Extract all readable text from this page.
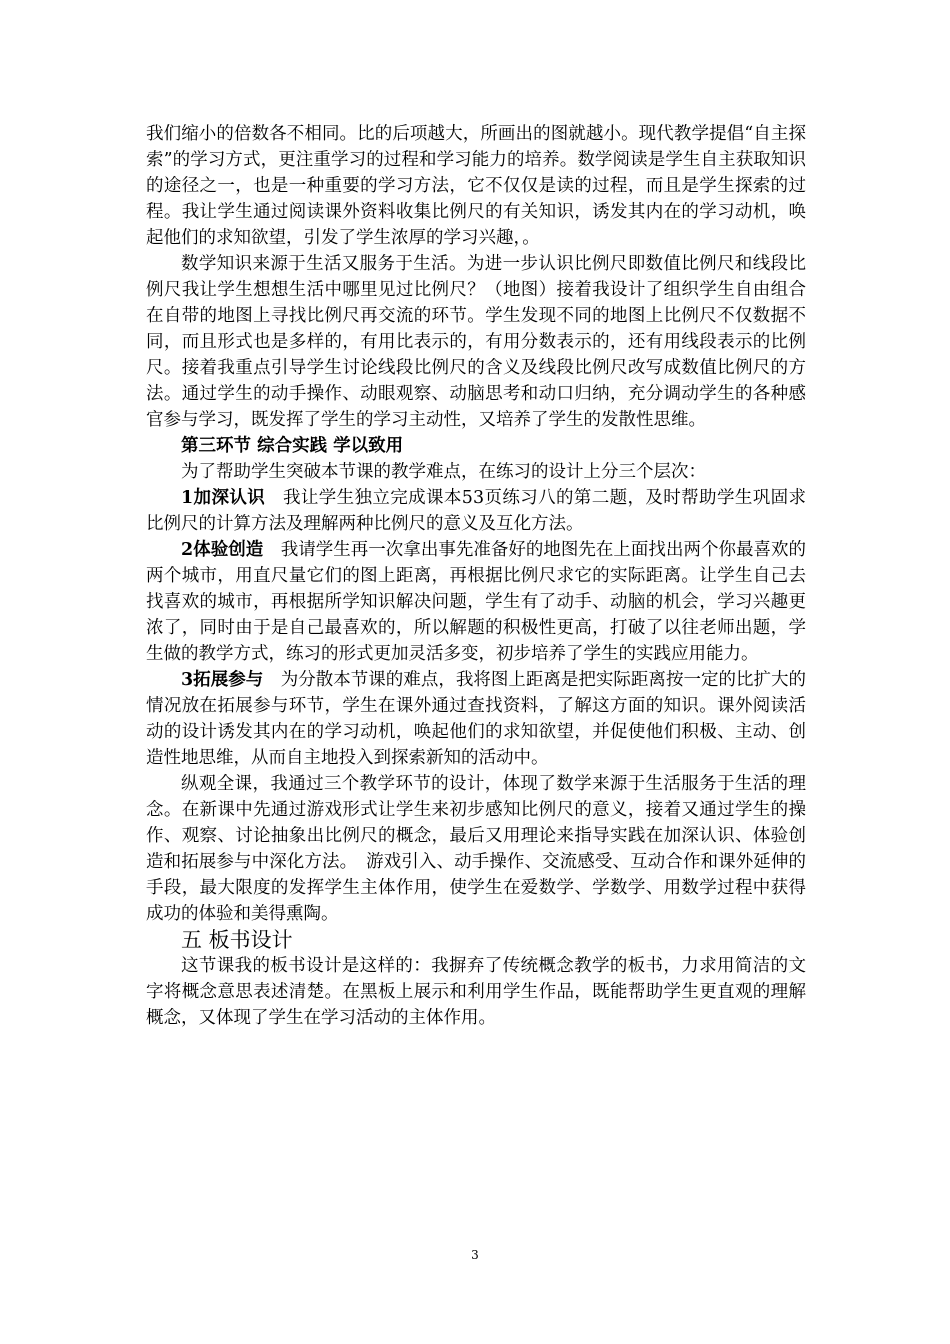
我们缩小的倍数各不相同。比的后项越大，所画出的图就越小。现代教学提倡“自主探索”的学习方式，更注重学习的过程和学习能力的培养。数学阅读是学生自主获取知识的途径之一，也是一种重要的学习方法，它不仅仅是读的过程，而且是学生探索的过程。我让学生通过阅读课外资料收集比例尺的有关知识，诱发其内在的学习动机，唤起他们的求知欲望，引发了学生浓厚的学习兴趣，。

数学知识来源于生活又服务于生活。为进一步认识比例尺即数值比例尺和线段比例尺我让学生想想生活中哪里见过比例尺？（地图）接着我设计了组织学生自由组合在自带的地图上寻找比例尺再交流的环节。学生发现不同的地图上比例尺不仅数据不同，而且形式也是多样的，有用比表示的，有用分数表示的，还有用线段表示的比例尺。接着我重点引导学生讨论线段比例尺的含义及线段比例尺改写成数值比例尺的方法。通过学生的动手操作、动眼观察、动脑思考和动口归纳，充分调动学生的各种感官参与学习，既发挥了学生的学习主动性，又培养了学生的发散性思维。

第三环节 综合实践 学以致用

为了帮助学生突破本节课的教学难点，在练习的设计上分三个层次：

1加深认识　我让学生独立完成课本53页练习八的第二题，及时帮助学生巩固求比例尺的计算方法及理解两种比例尺的意义及互化方法。

2体验创造　我请学生再一次拿出事先准备好的地图先在上面找出两个你最喜欢的两个城市，用直尺量它们的图上距离，再根据比例尺求它的实际距离。让学生自己去找喜欢的城市，再根据所学知识解决问题，学生有了动手、动脑的机会，学习兴趣更浓了，同时由于是自己最喜欢的，所以解题的积极性更高，打破了以往老师出题，学生做的教学方式，练习的形式更加灵活多变，初步培养了学生的实践应用能力。

3拓展参与　为分散本节课的难点，我将图上距离是把实际距离按一定的比扩大的情况放在拓展参与环节，学生在课外通过查找资料，了解这方面的知识。课外阅读活动的设计诱发其内在的学习动机，唤起他们的求知欲望，并促使他们积极、主动、创造性地思维，从而自主地投入到探索新知的活动中。

纵观全课，我通过三个教学环节的设计，体现了数学来源于生活服务于生活的理念。在新课中先通过游戏形式让学生来初步感知比例尺的意义，接着又通过学生的操作、观察、讨论抽象出比例尺的概念，最后又用理论来指导实践在加深认识、体验创造和拓展参与中深化方法。　游戏引入、动手操作、交流感受、互动合作和课外延伸的手段，最大限度的发挥学生主体作用，使学生在爱数学、学数学、用数学过程中获得成功的体验和美得熏陶。

五 板书设计

这节课我的板书设计是这样的：我摒弃了传统概念教学的板书，力求用简洁的文字将概念意思表述清楚。在黑板上展示和利用学生作品，既能帮助学生更直观的理解概念，又体现了学生在学习活动的主体作用。

3
